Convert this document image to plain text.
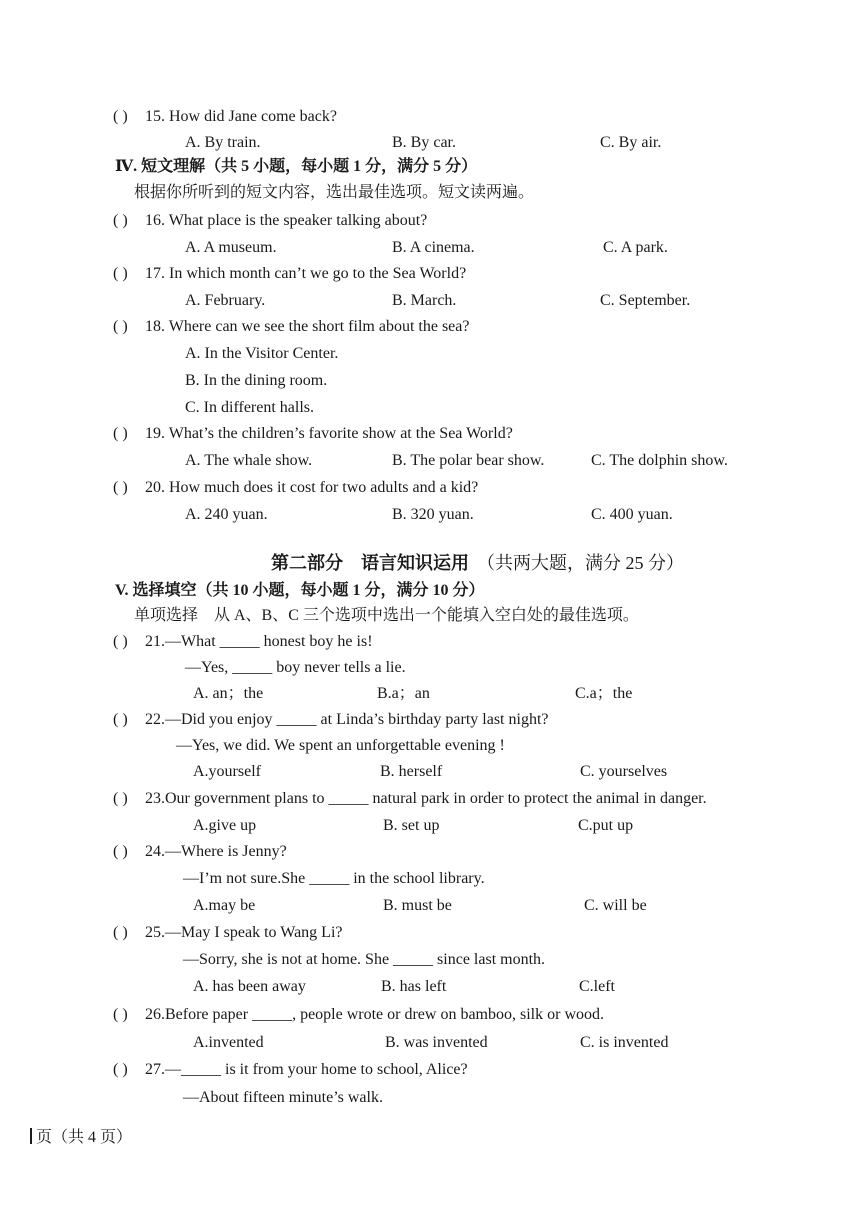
( ) 15. How did Jane come back?
A. By train.	B. By car.	C. By air.
Ⅳ. 短文理解（共 5 小题，每小题 1 分，满分 5 分）
根据你所听到的短文内容，选出最佳选项。短文读两遍。
( ) 16. What place is the speaker talking about?
A. A museum.	B. A cinema.	C. A park.
( ) 17. In which month can’t we go to the Sea World?
A. February.	B. March.	C. September.
( ) 18. Where can we see the short film about the sea?
A. In the Visitor Center.
B. In the dining room.
C. In different halls.
( ) 19. What’s the children’s favorite show at the Sea World?
A. The whale show.	B. The polar bear show.	C. The dolphin show.
( ) 20. How much does it cost for two adults and a kid?
A. 240 yuan.	B. 320 yuan.	C. 400 yuan.
第二部分　语言知识运用 （共两大题，满分 25 分）
V. 选择填空（共 10 小题，每小题 1 分，满分 10 分）
单项选择　从 A、B、C 三个选项中选出一个能填入空白处的最佳选项。
( ) 21.—What _____ honest boy he is!
—Yes, _____ boy never tells a lie.
A. an；the	B.a；an	C.a；the
( ) 22.—Did you enjoy _____ at Linda’s birthday party last night?
—Yes, we did. We spent an unforgettable evening !
A.yourself	B. herself	C. yourselves
( ) 23.Our government plans to _____ natural park in order to protect the animal in danger.
A.give up	B. set up	C.put up
( ) 24.—Where is Jenny?
—I’m not sure.She _____ in the school library.
A.may be	B. must be	C. will be
( ) 25.—May I speak to Wang Li?
—Sorry, she is not at home. She _____ since last month.
A. has been away	B. has left	C.left
( ) 26.Before paper _____, people wrote or drew on bamboo, silk or wood.
A.invented	B. was invented	C. is invented
( ) 27.—_____ is it from your home to school, Alice?
—About fifteen minute’s walk.
页（共 4 页）
